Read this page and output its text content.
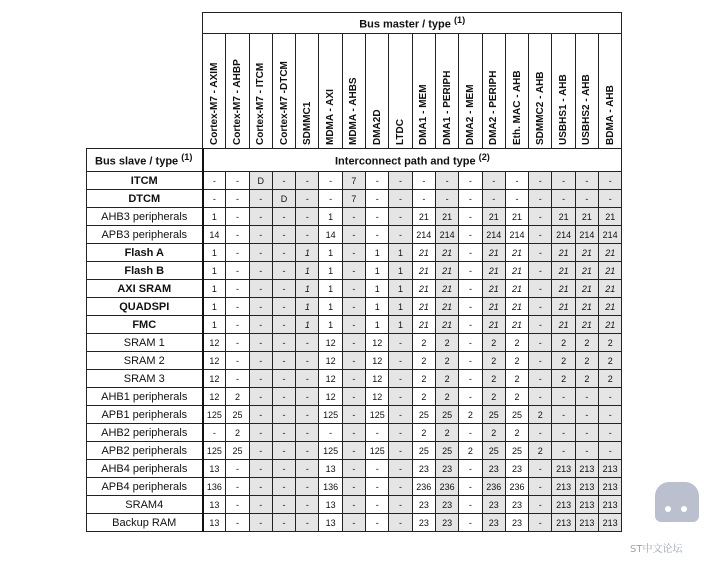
	Bus master / type $^{(1)}$
	Cortex-M7 - AXIM	Cortex-M7 - AHBP	Cortex-M7 - ITCM	Cortex-M7 -DTCM	SDMMC1	MDMA - AXI	MDMA - AHBS	DMA2D	LTDC	DMA1 - MEM	DMA1 - PERIPH	DMA2 - MEM	DMA2 - PERIPH	Eth. MAC - AHB	SDMMC2 - AHB	USBHS1 - AHB	USBHS2 - AHB	BDMA - AHB
Bus slave / type $^{(1)}$	Interconnect path and type $^{(2)}$
ITCM	-	-	D	-	-	-	7	-	-	-	-	-	-	-	-	-	-	-
DTCM	-	-	-	D	-	-	7	-	-	-	-	-	-	-	-	-	-	-
AHB3 peripherals	1	-	-	-	-	1	-	-	-	21	21	-	21	21	-	21	21	21
APB3 peripherals	14	-	-	-	-	14	-	-	-	214	214	-	214	214	-	214	214	214
Flash A	1	-	-	-	1	1	-	1	1	21	21	-	21	21	-	21	21	21
Flash B	1	-	-	-	1	1	-	1	1	21	21	-	21	21	-	21	21	21
AXI SRAM	1	-	-	-	1	1	-	1	1	21	21	-	21	21	-	21	21	21
QUADSPI	1	-	-	-	1	1	-	1	1	21	21	-	21	21	-	21	21	21
FMC	1	-	-	-	1	1	-	1	1	21	21	-	21	21	-	21	21	21
SRAM 1	12	-	-	-	-	12	-	12	-	2	2	-	2	2	-	2	2	2
SRAM 2	12	-	-	-	-	12	-	12	-	2	2	-	2	2	-	2	2	2
SRAM 3	12	-	-	-	-	12	-	12	-	2	2	-	2	2	-	2	2	2
AHB1 peripherals	12	2	-	-	-	12	-	12	-	2	2	-	2	2	-	-	-	-
APB1 peripherals	125	25	-	-	-	125	-	125	-	25	25	2	25	25	2	-	-	-
AHB2 peripherals	-	2	-	-	-	-	-	-	-	2	2	-	2	2	-	-	-	-
APB2 peripherals	125	25	-	-	-	125	-	125	-	25	25	2	25	25	2	-	-	-
AHB4 peripherals	13	-	-	-	-	13	-	-	-	23	23	-	23	23	-	213	213	213
APB4 peripherals	136	-	-	-	-	136	-	-	-	236	236	-	236	236	-	213	213	213
SRAM4	13	-	-	-	-	13	-	-	-	23	23	-	23	23	-	213	213	213
Backup RAM	13	-	-	-	-	13	-	-	-	23	23	-	23	23	-	213	213	213
ST中文论坛
